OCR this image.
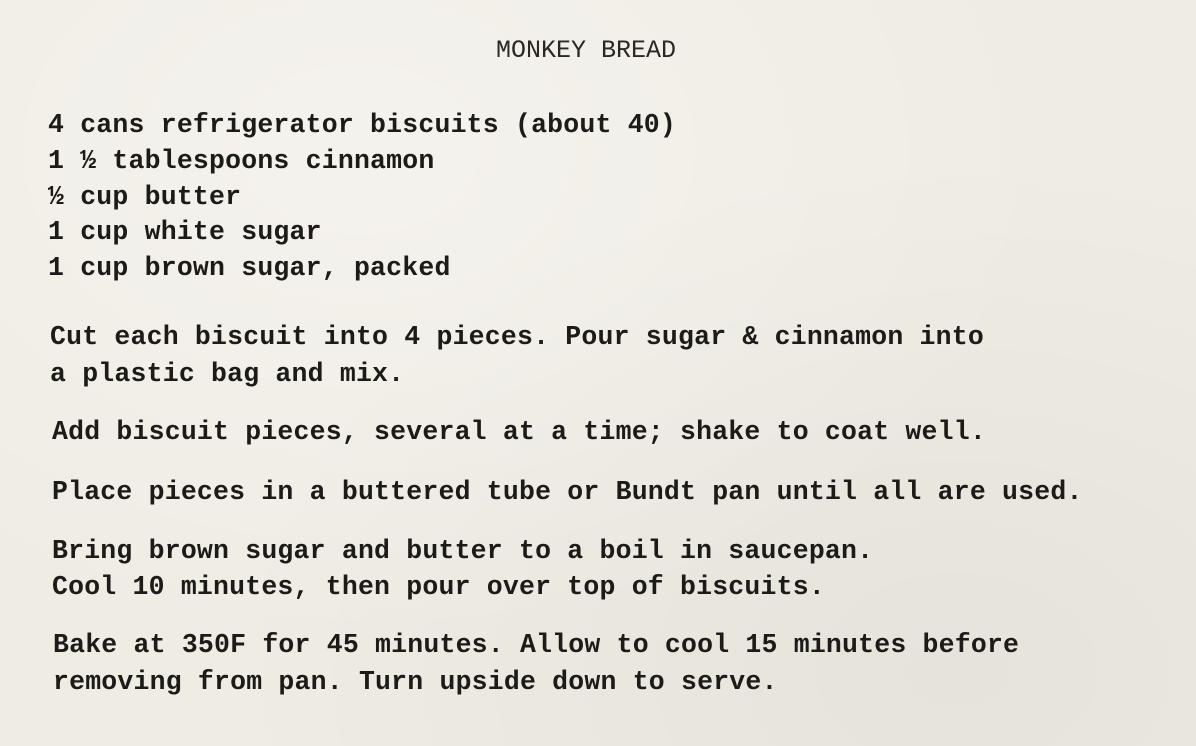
MONKEY BREAD
4 cans refrigerator biscuits (about 40)
1 ½ tablespoons cinnamon
½ cup butter
1 cup white sugar
1 cup brown sugar, packed
Cut each biscuit into 4 pieces. Pour sugar & cinnamon into
a plastic bag and mix.
Add biscuit pieces, several at a time; shake to coat well.
Place pieces in a buttered tube or Bundt pan until all are used.
Bring brown sugar and butter to a boil in saucepan.
Cool 10 minutes, then pour over top of biscuits.
Bake at 350F for 45 minutes. Allow to cool 15 minutes before
removing from pan. Turn upside down to serve.
